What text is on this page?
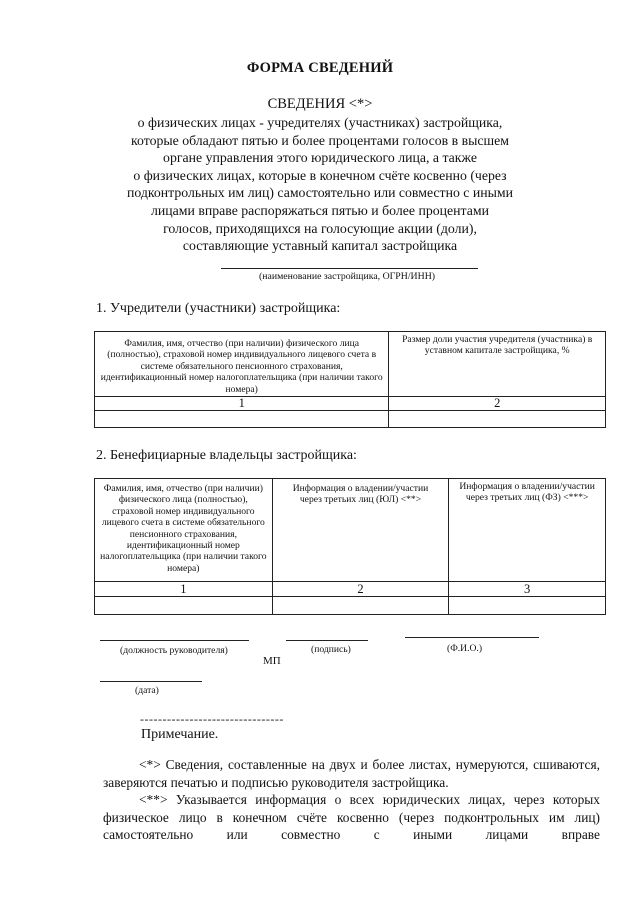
ФОРМА СВЕДЕНИЙ
СВЕДЕНИЯ <*>
о физических лицах - учредителях (участниках) застройщика,
которые обладают пятью и более процентами голосов в высшем
органе управления этого юридического лица, а также
о физических лицах, которые в конечном счёте косвенно (через
подконтрольных им лиц) самостоятельно или совместно с иными
лицами вправе распоряжаться пятью и более процентами
голосов, приходящихся на голосующие акции (доли),
составляющие уставный капитал застройщика
(наименование застройщика, ОГРН/ИНН)
1. Учредители (участники) застройщика:
Фамилия, имя, отчество (при наличии) физического лица (полностью), страховой номер индивидуального лицевого счета в системе обязательного пенсионного страхования, идентификационный номер налогоплательщика (при наличии такого номера)	Размер доли участия учредителя (участника) в уставном капитале застройщика, %
1	2

2. Бенефициарные владельцы застройщика:
Фамилия, имя, отчество (при наличии) физического лица (полностью), страховой номер индивидуального лицевого счета в системе обязательного пенсионного страхования, идентификационный номер налогоплательщика (при наличии такого номера)	Информация о владении/участии через третьих лиц (ЮЛ) <**>	Информация о владении/участии через третьих лиц (ФЗ) <***>
1	2	3

(должность руководителя)	(подпись)	(Ф.И.О.)
МП
(дата)
--------------------------------
Примечание.
<*> Сведения, составленные на двух и более листах, нумеруются, сшиваются, заверяются печатью и подписью руководителя застройщика.
<**> Указывается информация о всех юридических лицах, через которых физическое лицо в конечном счёте косвенно (через подконтрольных им лиц) самостоятельно или совместно с иными лицами вправе
